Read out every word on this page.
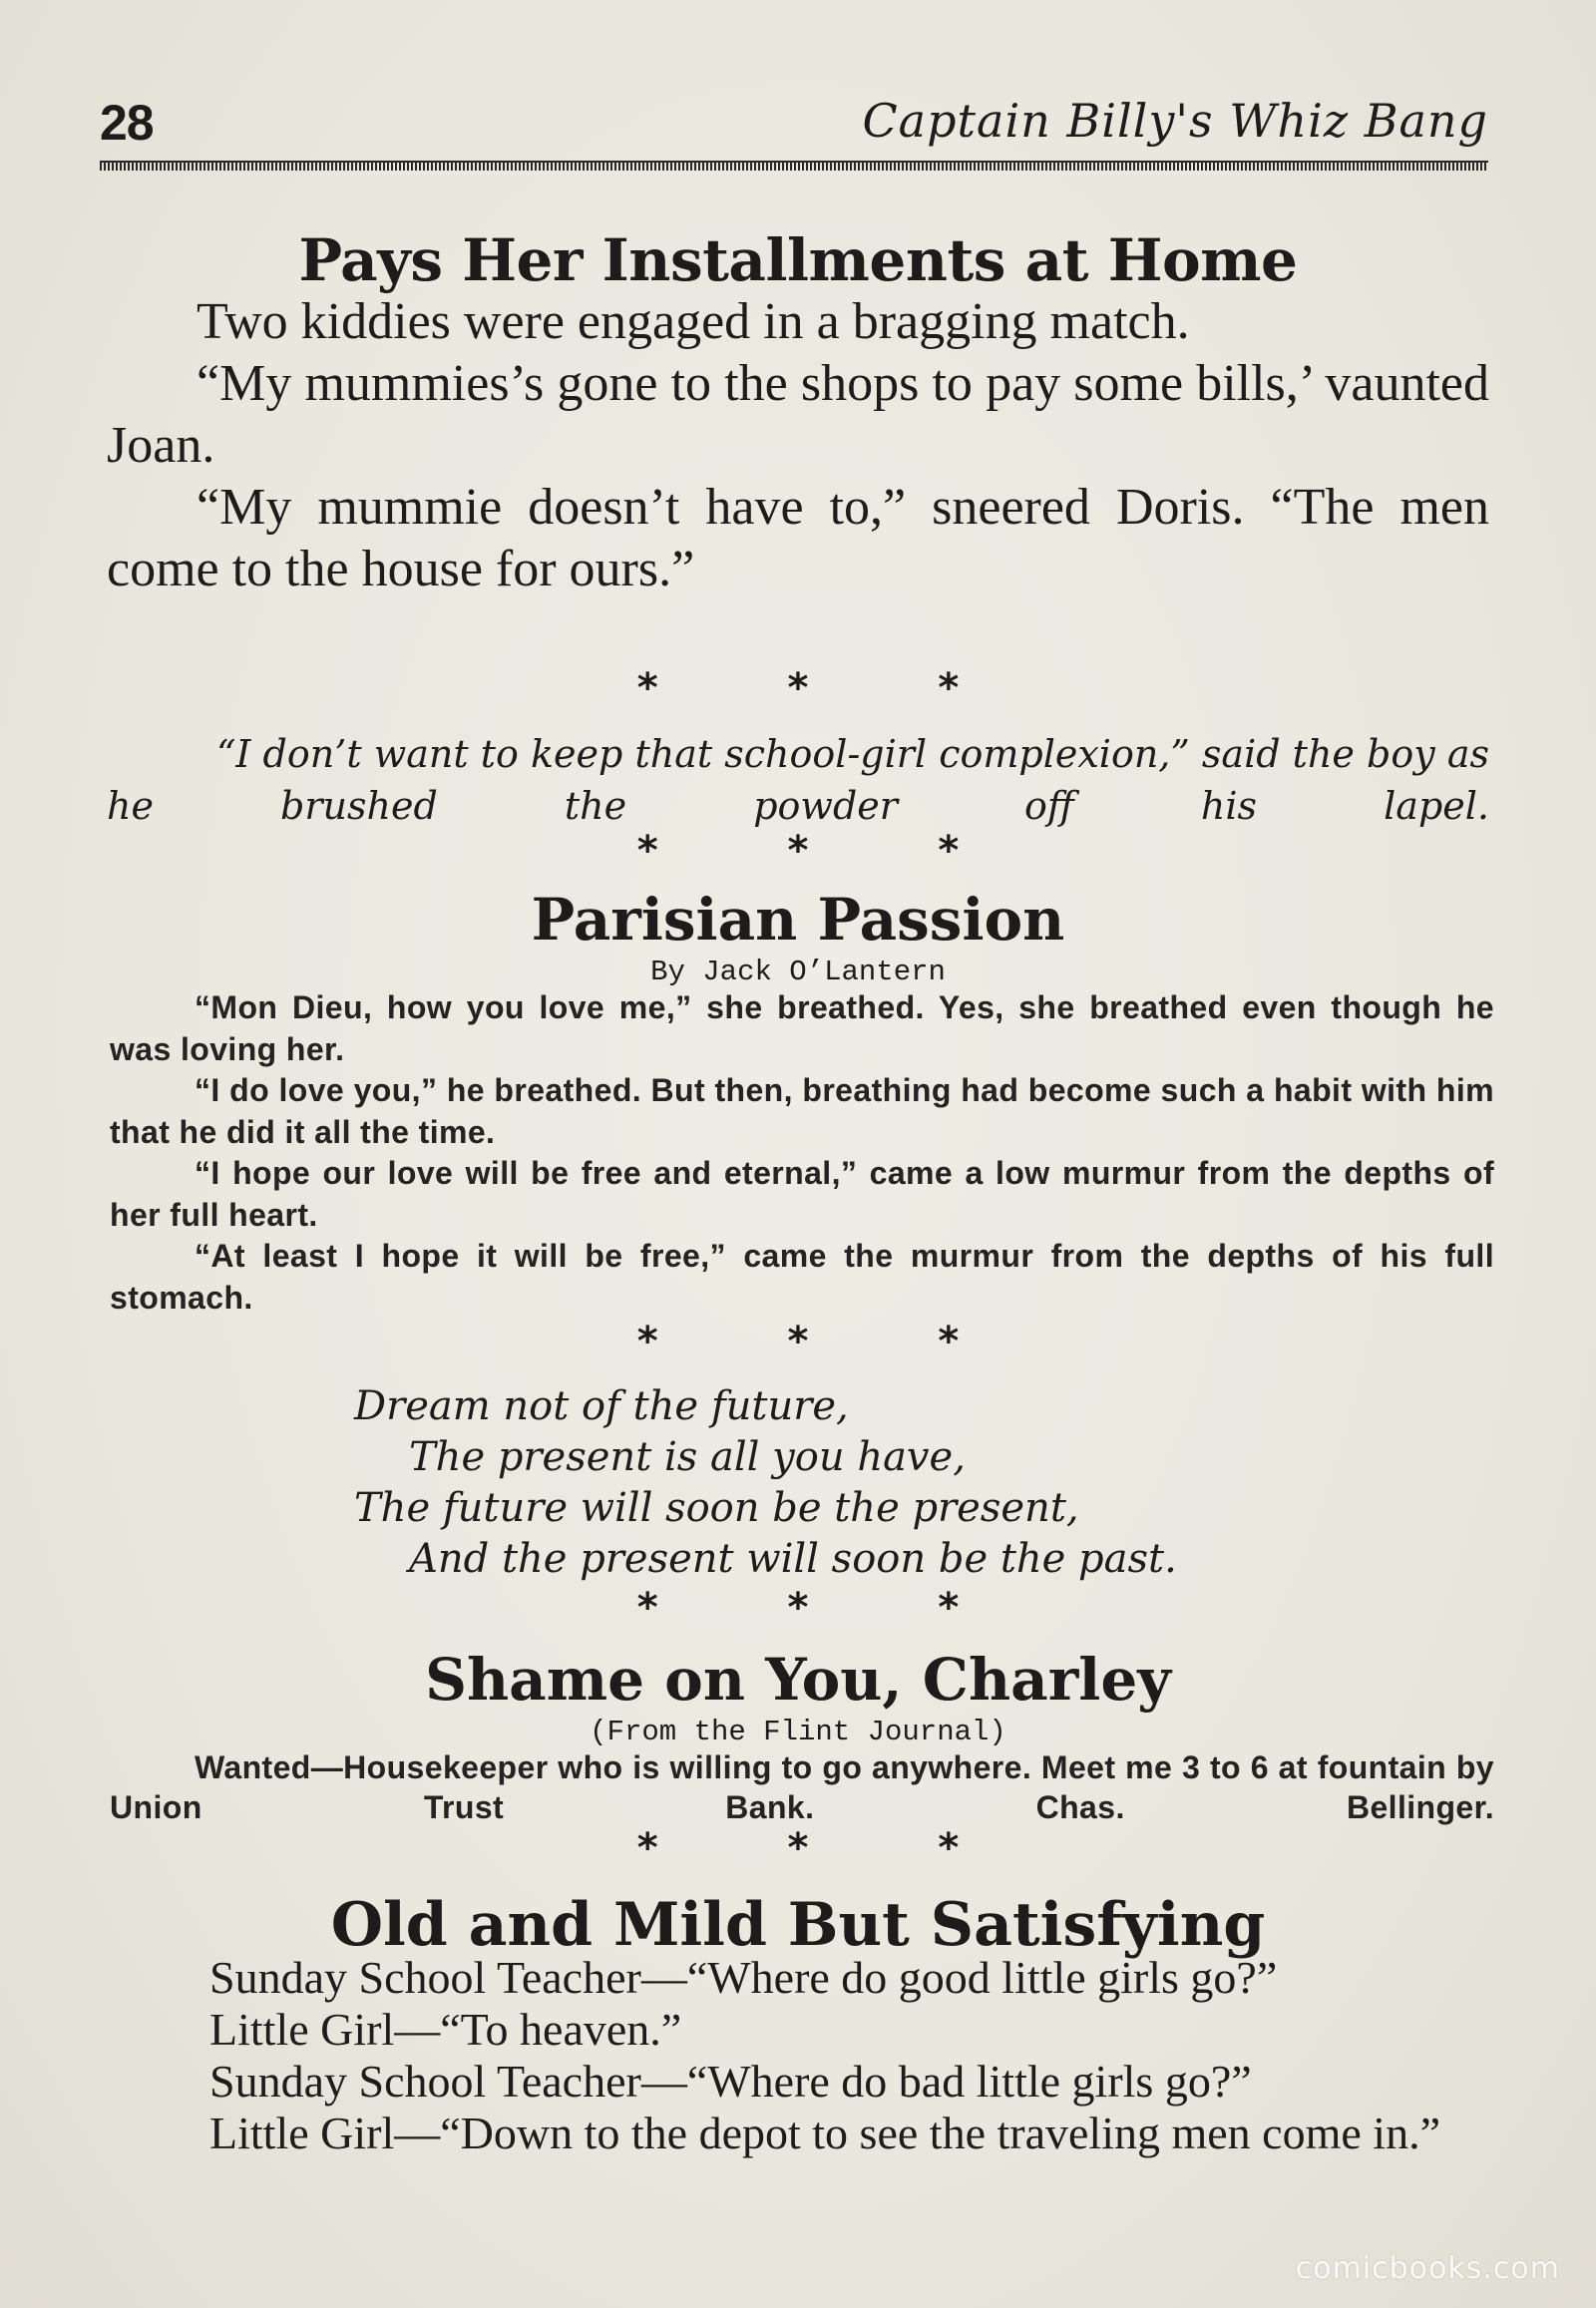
28	Captain Billy's Whiz Bang
Pays Her Installments at Home

Two kiddies were engaged in a bragging match.

“My mummies’s gone to the shops to pay some bills,’ vaunted Joan.

“My mummie doesn’t have to,” sneered Doris. “The men come to the house for ours.”

* * *
“I don’t want to keep that school-girl complexion,” said the boy as he brushed the powder off his lapel.
* * *
Parisian Passion
By Jack O’Lantern

“Mon Dieu, how you love me,” she breathed. Yes, she breathed even though he was loving her.

“I do love you,” he breathed. But then, breathing had become such a habit with him that he did it all the time.

“I hope our love will be free and eternal,” came a low murmur from the depths of her full heart.

“At least I hope it will be free,” came the murmur from the depths of his full stomach.

* * *
Dream not of the future,
The present is all you have,
The future will soon be the present,
And the present will soon be the past.
* * *
Shame on You, Charley
(From the Flint Journal)

Wanted—Housekeeper who is willing to go anywhere. Meet me 3 to 6 at fountain by Union Trust Bank. Chas. Bellinger.

* * *
Old and Mild But Satisfying

Sunday School Teacher—“Where do good little girls go?”

Little Girl—“To heaven.”

Sunday School Teacher—“Where do bad little girls go?”

Little Girl—“Down to the depot to see the traveling men come in.”

comicbooks.com
